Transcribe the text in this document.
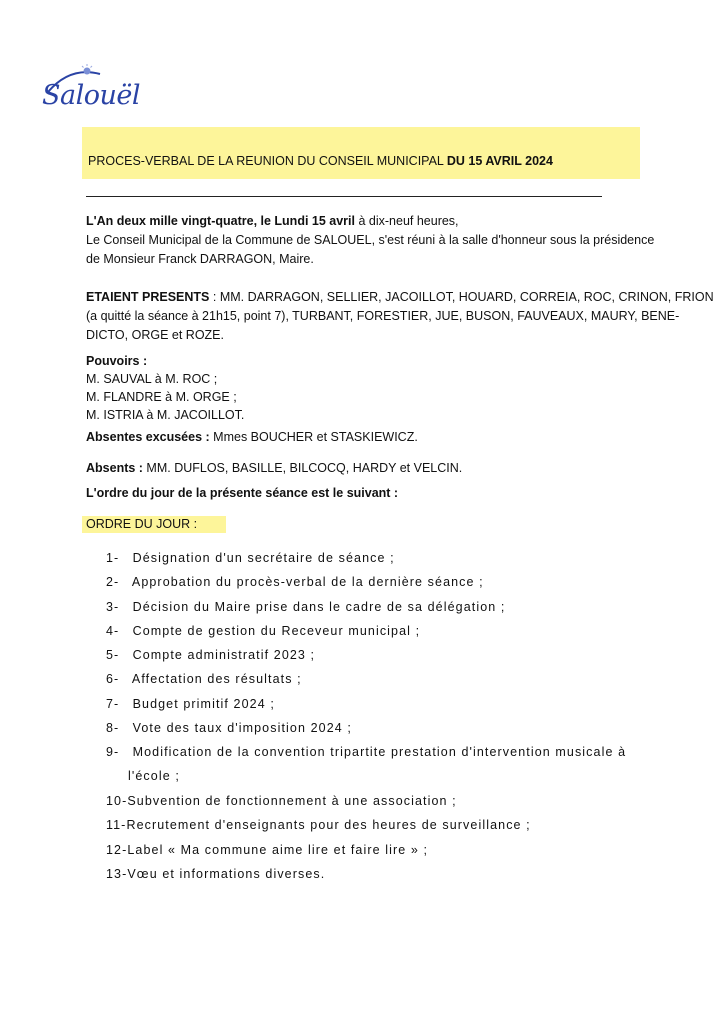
Salouël
PROCES-VERBAL DE LA REUNION DU CONSEIL MUNICIPAL DU 15 AVRIL 2024
L'An deux mille vingt-quatre, le Lundi 15 avril à dix-neuf heures,
Le Conseil Municipal de la Commune de SALOUEL, s'est réuni à la salle d'honneur sous la présidence
de Monsieur Franck DARRAGON, Maire.
ETAIENT PRESENTS : MM. DARRAGON, SELLIER, JACOILLOT, HOUARD, CORREIA, ROC, CRINON, FRION
(a quitté la séance à 21h15, point 7), TURBANT, FORESTIER, JUE, BUSON, FAUVEAUX, MAURY, BENE-
DICTO, ORGE et ROZE.
Pouvoirs :
M. SAUVAL à M. ROC ;
M. FLANDRE à M. ORGE ;
M. ISTRIA à M. JACOILLOT.
Absentes excusées : Mmes BOUCHER et STASKIEWICZ.
Absents : MM. DUFLOS, BASILLE, BILCOCQ, HARDY et VELCIN.
L'ordre du jour de la présente séance est le suivant :
ORDRE DU JOUR :
1- Désignation d'un secrétaire de séance ;
2- Approbation du procès-verbal de la dernière séance ;
3- Décision du Maire prise dans le cadre de sa délégation ;
4- Compte de gestion du Receveur municipal ;
5- Compte administratif 2023 ;
6- Affectation des résultats ;
7- Budget primitif 2024 ;
8- Vote des taux d'imposition 2024 ;
9- Modification de la convention tripartite prestation d'intervention musicale à
l'école ;
10-Subvention de fonctionnement à une association ;
11-Recrutement d'enseignants pour des heures de surveillance ;
12-Label « Ma commune aime lire et faire lire » ;
13-Vœu et informations diverses.
